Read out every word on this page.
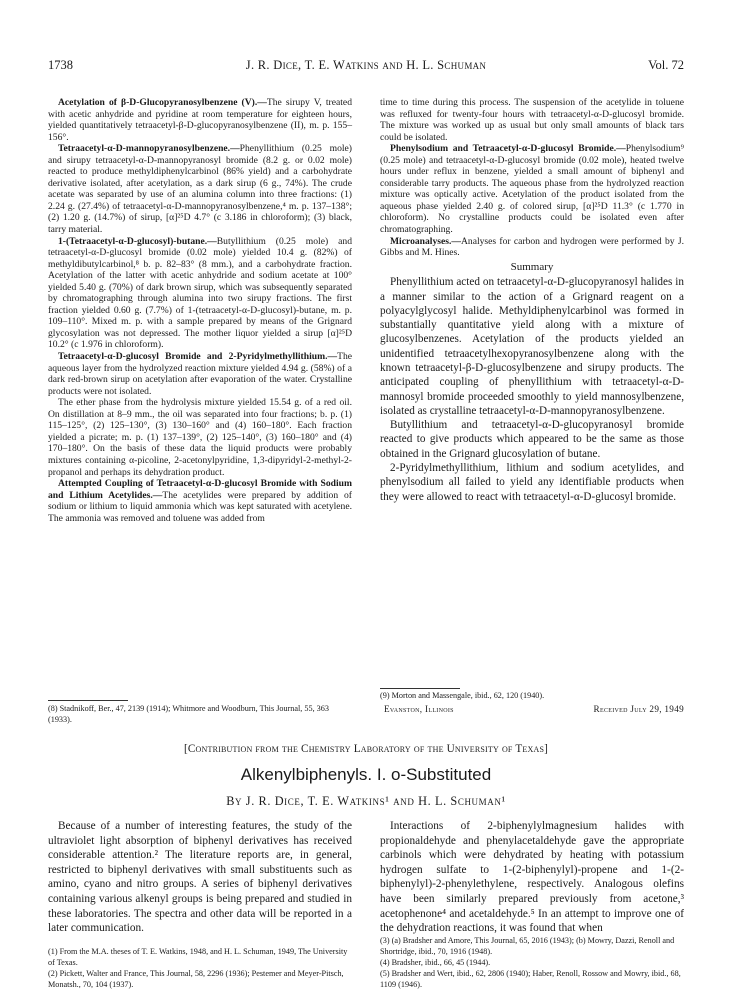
1738	J. R. Dice, T. E. Watkins and H. L. Schuman	Vol. 72

Acetylation of β-D-Glucopyranosylbenzene (V).—The sirupy V, treated with acetic anhydride and pyridine at room temperature for eighteen hours, yielded quantitatively tetraacetyl-β-D-glucopyranosylbenzene (II), m. p. 155–156°.

Tetraacetyl-α-D-mannopyranosylbenzene.—Phenyllithium (0.25 mole) and sirupy tetraacetyl-α-D-mannopyranosyl bromide (8.2 g. or 0.02 mole) reacted to produce methyldiphenylcarbinol (86% yield) and a carbohydrate derivative isolated, after acetylation, as a dark sirup (6 g., 74%). The crude acetate was separated by use of an alumina column into three fractions: (1) 2.24 g. (27.4%) of tetraacetyl-α-D-mannopyranosylbenzene,⁴ m. p. 137–138°; (2) 1.20 g. (14.7%) of sirup, [α]²⁵D 4.7° (c 3.186 in chloroform); (3) black, tarry material.

1-(Tetraacetyl-α-D-glucosyl)-butane.—Butyllithium (0.25 mole) and tetraacetyl-α-D-glucosyl bromide (0.02 mole) yielded 10.4 g. (82%) of methyldibutylcarbinol,⁸ b. p. 82–83° (8 mm.), and a carbohydrate fraction. Acetylation of the latter with acetic anhydride and sodium acetate at 100° yielded 5.40 g. (70%) of dark brown sirup, which was subsequently separated by chromatographing through alumina into two sirupy fractions. The first fraction yielded 0.60 g. (7.7%) of 1-(tetraacetyl-α-D-glucosyl)-butane, m. p. 109–110°. Mixed m. p. with a sample prepared by means of the Grignard glycosylation was not depressed. The mother liquor yielded a sirup [α]²⁵D 10.2° (c 1.976 in chloroform).

Tetraacetyl-α-D-glucosyl Bromide and 2-Pyridylmethyllithium.—The aqueous layer from the hydrolyzed reaction mixture yielded 4.94 g. (58%) of a dark red-brown sirup on acetylation after evaporation of the water. Crystalline products were not isolated.

The ether phase from the hydrolysis mixture yielded 15.54 g. of a red oil. On distillation at 8–9 mm., the oil was separated into four fractions; b. p. (1) 115–125°, (2) 125–130°, (3) 130–160° and (4) 160–180°. Each fraction yielded a picrate; m. p. (1) 137–139°, (2) 125–140°, (3) 160–180° and (4) 170–180°. On the basis of these data the liquid products were probably mixtures containing α-picoline, 2-acetonylpyridine, 1,3-dipyridyl-2-methyl-2-propanol and perhaps its dehydration product.

Attempted Coupling of Tetraacetyl-α-D-glucosyl Bromide with Sodium and Lithium Acetylides.—The acetylides were prepared by addition of sodium or lithium to liquid ammonia which was kept saturated with acetylene. The ammonia was removed and toluene was added from

(8) Stadnikoff, Ber., 47, 2139 (1914); Whitmore and Woodburn, This Journal, 55, 363 (1933).

time to time during this process. The suspension of the acetylide in toluene was refluxed for twenty-four hours with tetraacetyl-α-D-glucosyl bromide. The mixture was worked up as usual but only small amounts of black tars could be isolated.

Phenylsodium and Tetraacetyl-α-D-glucosyl Bromide.—Phenylsodium⁹ (0.25 mole) and tetraacetyl-α-D-glucosyl bromide (0.02 mole), heated twelve hours under reflux in benzene, yielded a small amount of biphenyl and considerable tarry products. The aqueous phase from the hydrolyzed reaction mixture was optically active. Acetylation of the product isolated from the aqueous phase yielded 2.40 g. of colored sirup, [α]²⁵D 11.3° (c 1.770 in chloroform). No crystalline products could be isolated even after chromatographing.

Microanalyses.—Analyses for carbon and hydrogen were performed by J. Gibbs and M. Hines.

Summary

Phenyllithium acted on tetraacetyl-α-D-glucopyranosyl halides in a manner similar to the action of a Grignard reagent on a polyacylglycosyl halide. Methyldiphenylcarbinol was formed in substantially quantitative yield along with a mixture of glucosylbenzenes. Acetylation of the products yielded an unidentified tetraacetylhexopyranosylbenzene along with the known tetraacetyl-β-D-glucosylbenzene and sirupy products. The anticipated coupling of phenyllithium with tetraacetyl-α-D-mannosyl bromide proceeded smoothly to yield mannosylbenzene, isolated as crystalline tetraacetyl-α-D-mannopyranosylbenzene.

Butyllithium and tetraacetyl-α-D-glucopyranosyl bromide reacted to give products which appeared to be the same as those obtained in the Grignard glucosylation of butane.

2-Pyridylmethyllithium, lithium and sodium acetylides, and phenylsodium all failed to yield any identifiable products when they were allowed to react with tetraacetyl-α-D-glucosyl bromide.

(9) Morton and Massengale, ibid., 62, 120 (1940).

Evanston, Illinois	Received July 29, 1949
[Contribution from the Chemistry Laboratory of the University of Texas]
Alkenylbiphenyls. I. o-Substituted
By J. R. Dice, T. E. Watkins¹ and H. L. Schuman¹

Because of a number of interesting features, the study of the ultraviolet light absorption of biphenyl derivatives has received considerable attention.² The literature reports are, in general, restricted to biphenyl derivatives with small substituents such as amino, cyano and nitro groups. A series of biphenyl derivatives containing various alkenyl groups is being prepared and studied in these laboratories. The spectra and other data will be reported in a later communication.

(1) From the M.A. theses of T. E. Watkins, 1948, and H. L. Schuman, 1949, The University of Texas.

(2) Pickett, Walter and France, This Journal, 58, 2296 (1936); Pestemer and Meyer-Pitsch, Monatsh., 70, 104 (1937).

Interactions of 2-biphenylylmagnesium halides with propionaldehyde and phenylacetaldehyde gave the appropriate carbinols which were dehydrated by heating with potassium hydrogen sulfate to 1-(2-biphenylyl)-propene and 1-(2-biphenylyl)-2-phenylethylene, respectively. Analogous olefins have been similarly prepared previously from acetone,³ acetophenone⁴ and acetaldehyde.⁵ In an attempt to improve one of the dehydration reactions, it was found that when

(3) (a) Bradsher and Amore, This Journal, 65, 2016 (1943); (b) Mowry, Dazzi, Renoll and Shortridge, ibid., 70, 1916 (1948).

(4) Bradsher, ibid., 66, 45 (1944).

(5) Bradsher and Wert, ibid., 62, 2806 (1940); Haber, Renoll, Rossow and Mowry, ibid., 68, 1109 (1946).
